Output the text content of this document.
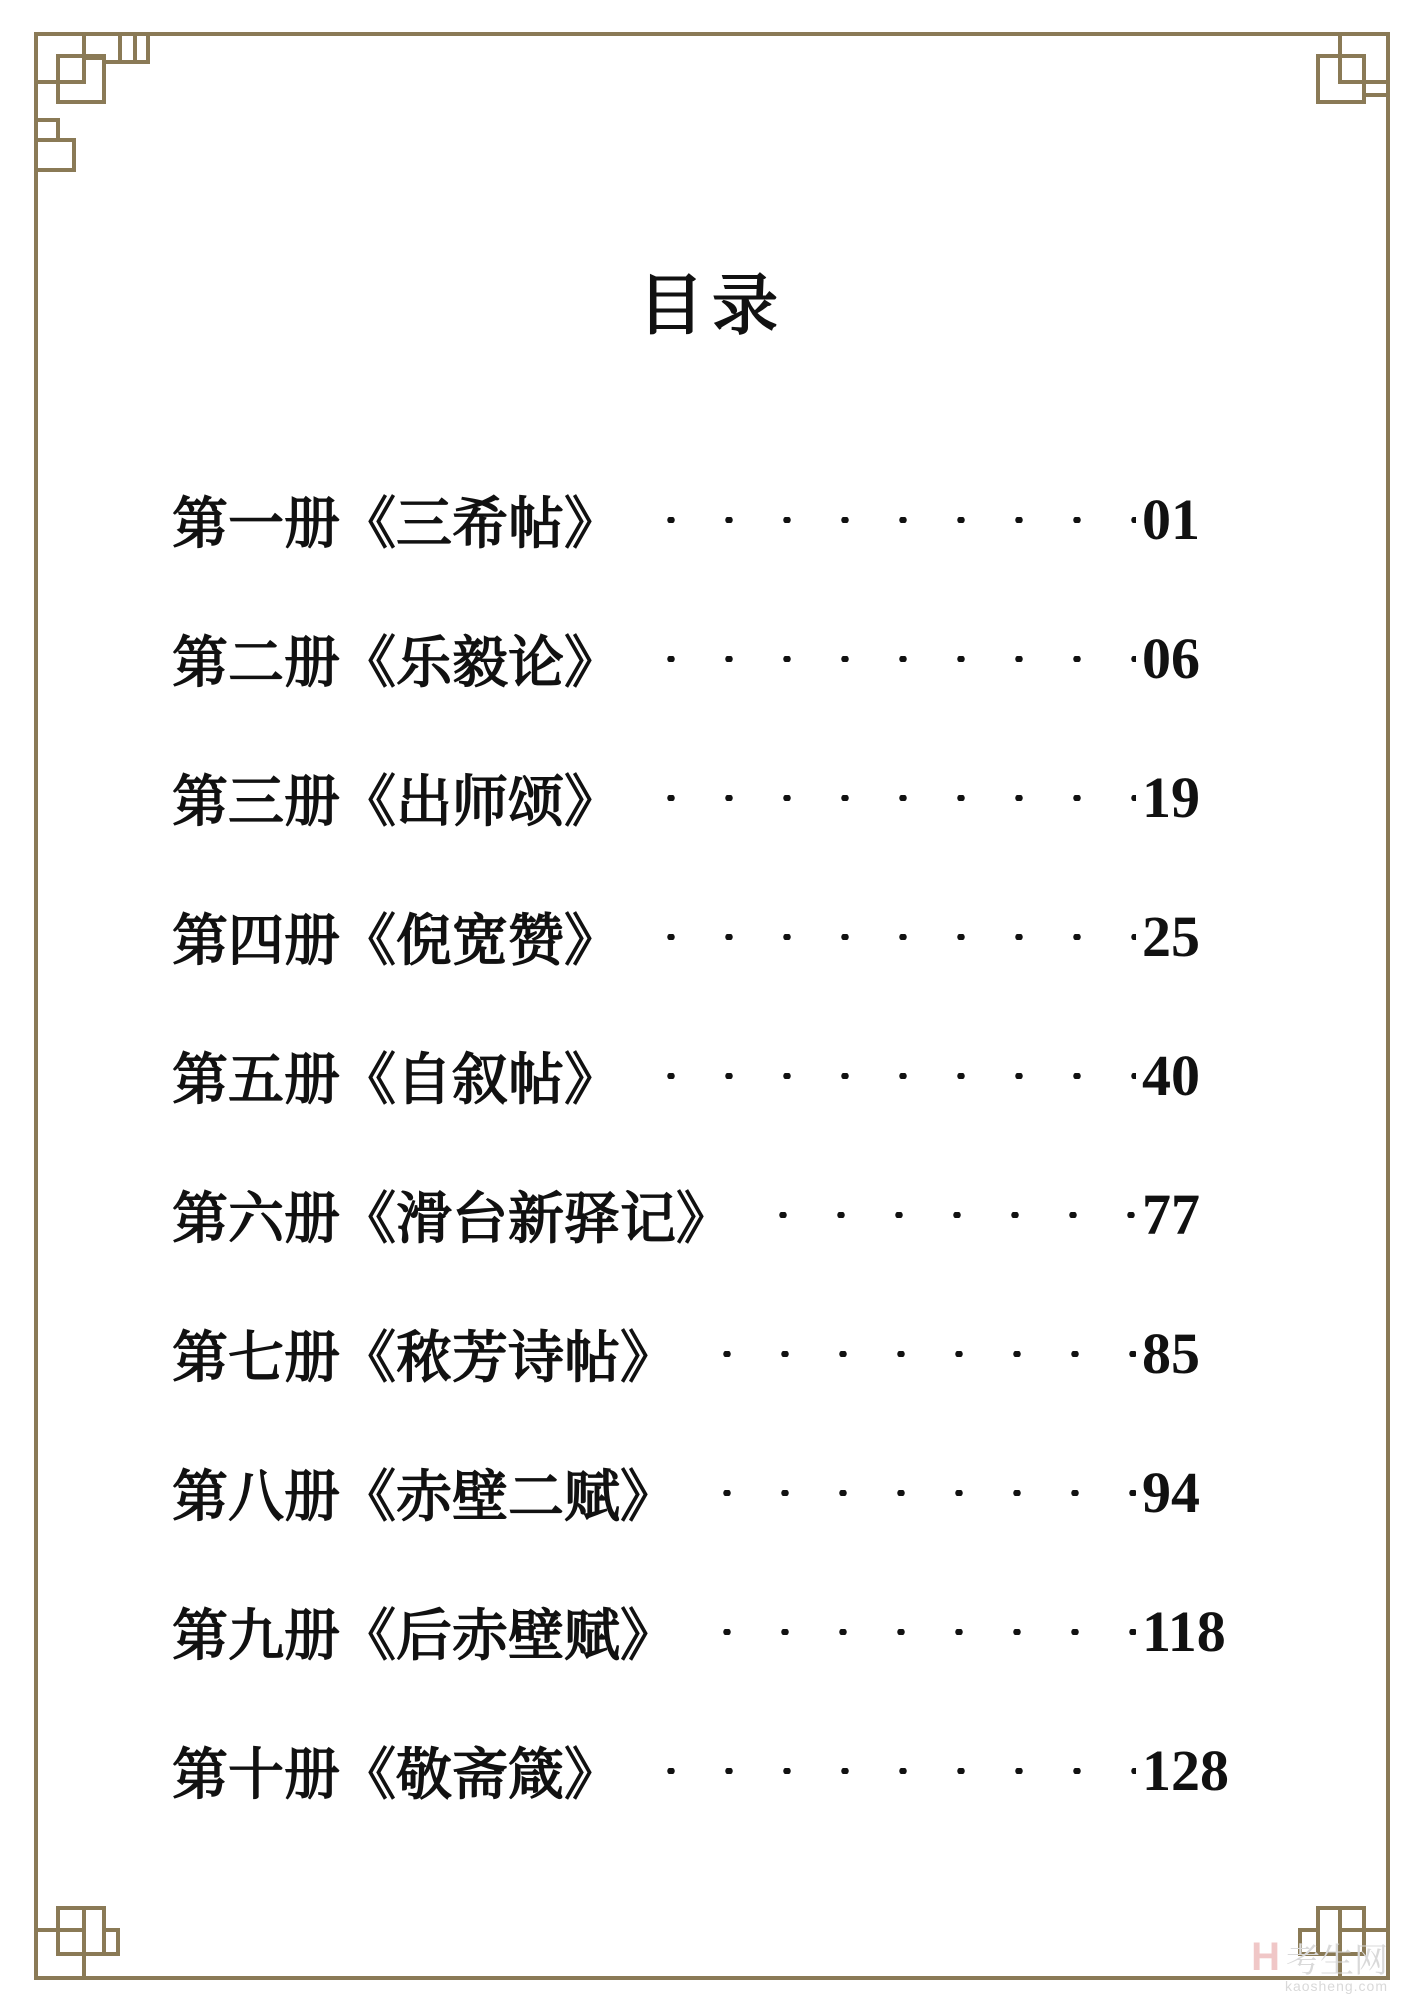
目录
第一册《三希帖》	01
第二册《乐毅论》	06
第三册《出师颂》	19
第四册《倪宽赞》	25
第五册《自叙帖》	40
第六册《滑台新驿记》	77
第七册《秾芳诗帖》	85
第八册《赤壁二赋》	94
第九册《后赤壁赋》	118
第十册《敬斋箴》	128
H 考生网
kaosheng.com
